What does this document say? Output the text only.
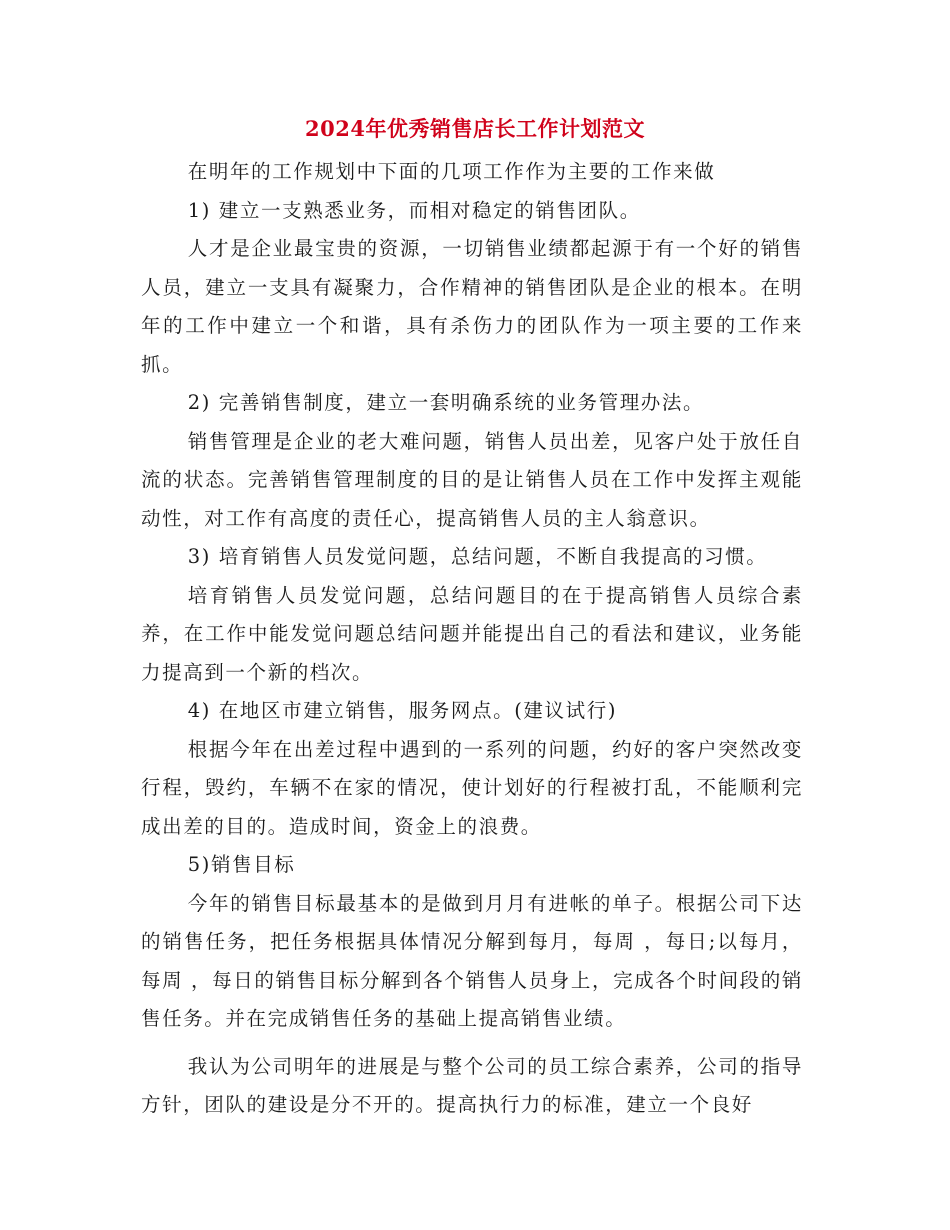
2024年优秀销售店长工作计划范文

在明年的工作规划中下面的几项工作作为主要的工作来做

1) 建立一支熟悉业务，而相对稳定的销售团队。

人才是企业最宝贵的资源，一切销售业绩都起源于有一个好的销售人员，建立一支具有凝聚力，合作精神的销售团队是企业的根本。在明年的工作中建立一个和谐，具有杀伤力的团队作为一项主要的工作来抓。

2) 完善销售制度，建立一套明确系统的业务管理办法。

销售管理是企业的老大难问题，销售人员出差，见客户处于放任自流的状态。完善销售管理制度的目的是让销售人员在工作中发挥主观能动性，对工作有高度的责任心，提高销售人员的主人翁意识。

3) 培育销售人员发觉问题，总结问题，不断自我提高的习惯。

培育销售人员发觉问题，总结问题目的在于提高销售人员综合素养，在工作中能发觉问题总结问题并能提出自己的看法和建议，业务能力提高到一个新的档次。

4) 在地区市建立销售，服务网点。(建议试行)

根据今年在出差过程中遇到的一系列的问题，约好的客户突然改变行程，毁约，车辆不在家的情况，使计划好的行程被打乱，不能顺利完成出差的目的。造成时间，资金上的浪费。

5)销售目标

今年的销售目标最基本的是做到月月有进帐的单子。根据公司下达的销售任务，把任务根据具体情况分解到每月，每周 ，每日;以每月，每周 ，每日的销售目标分解到各个销售人员身上，完成各个时间段的销售任务。并在完成销售任务的基础上提高销售业绩。

我认为公司明年的进展是与整个公司的员工综合素养，公司的指导方针，团队的建设是分不开的。提高执行力的标准，建立一个良好
